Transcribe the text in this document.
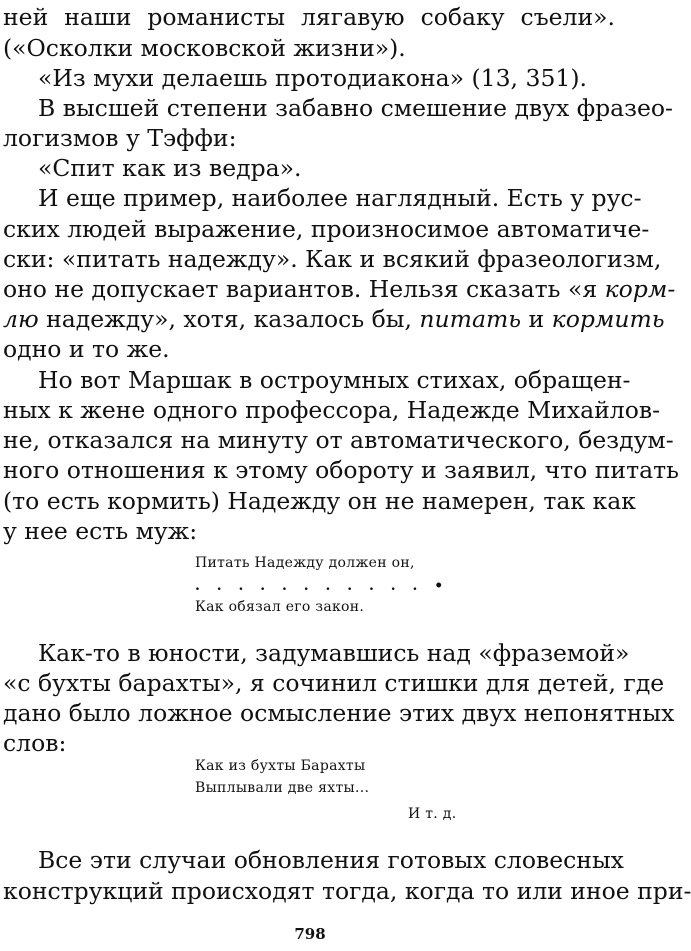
ней наши романисты лягавую собаку съели».
(«Осколки московской жизни»).
«Из мухи делаешь протодиакона» (13, 351).
В высшей степени забавно смешение двух фразео-
логизмов у Тэффи:
«Спит как из ведра».
И еще пример, наиболее наглядный. Есть у рус-
ских людей выражение, произносимое автоматиче-
ски: «питать надежду». Как и всякий фразеологизм,
оно не допускает вариантов. Нельзя сказать «я корм-
лю надежду», хотя, казалось бы, питать и кормить
одно и то же.
Но вот Маршак в остроумных стихах, обращен-
ных к жене одного профессора, Надежде Михайлов-
не, отказался на минуту от автоматического, бездум-
ного отношения к этому обороту и заявил, что питать
(то есть кормить) Надежду он не намерен, так как
у нее есть муж:
Питать Надежду должен он,
. . . . . . . . . . . •
Как обязал его закон.
Как-то в юности, задумавшись над «фраземой»
«с бухты барахты», я сочинил стишки для детей, где
дано было ложное осмысление этих двух непонятных
слов:
Как из бухты Барахты
Выплывали две яхты...
И т. д.
Все эти случаи обновления готовых словесных
конструкций происходят тогда, когда то или иное при-
798
